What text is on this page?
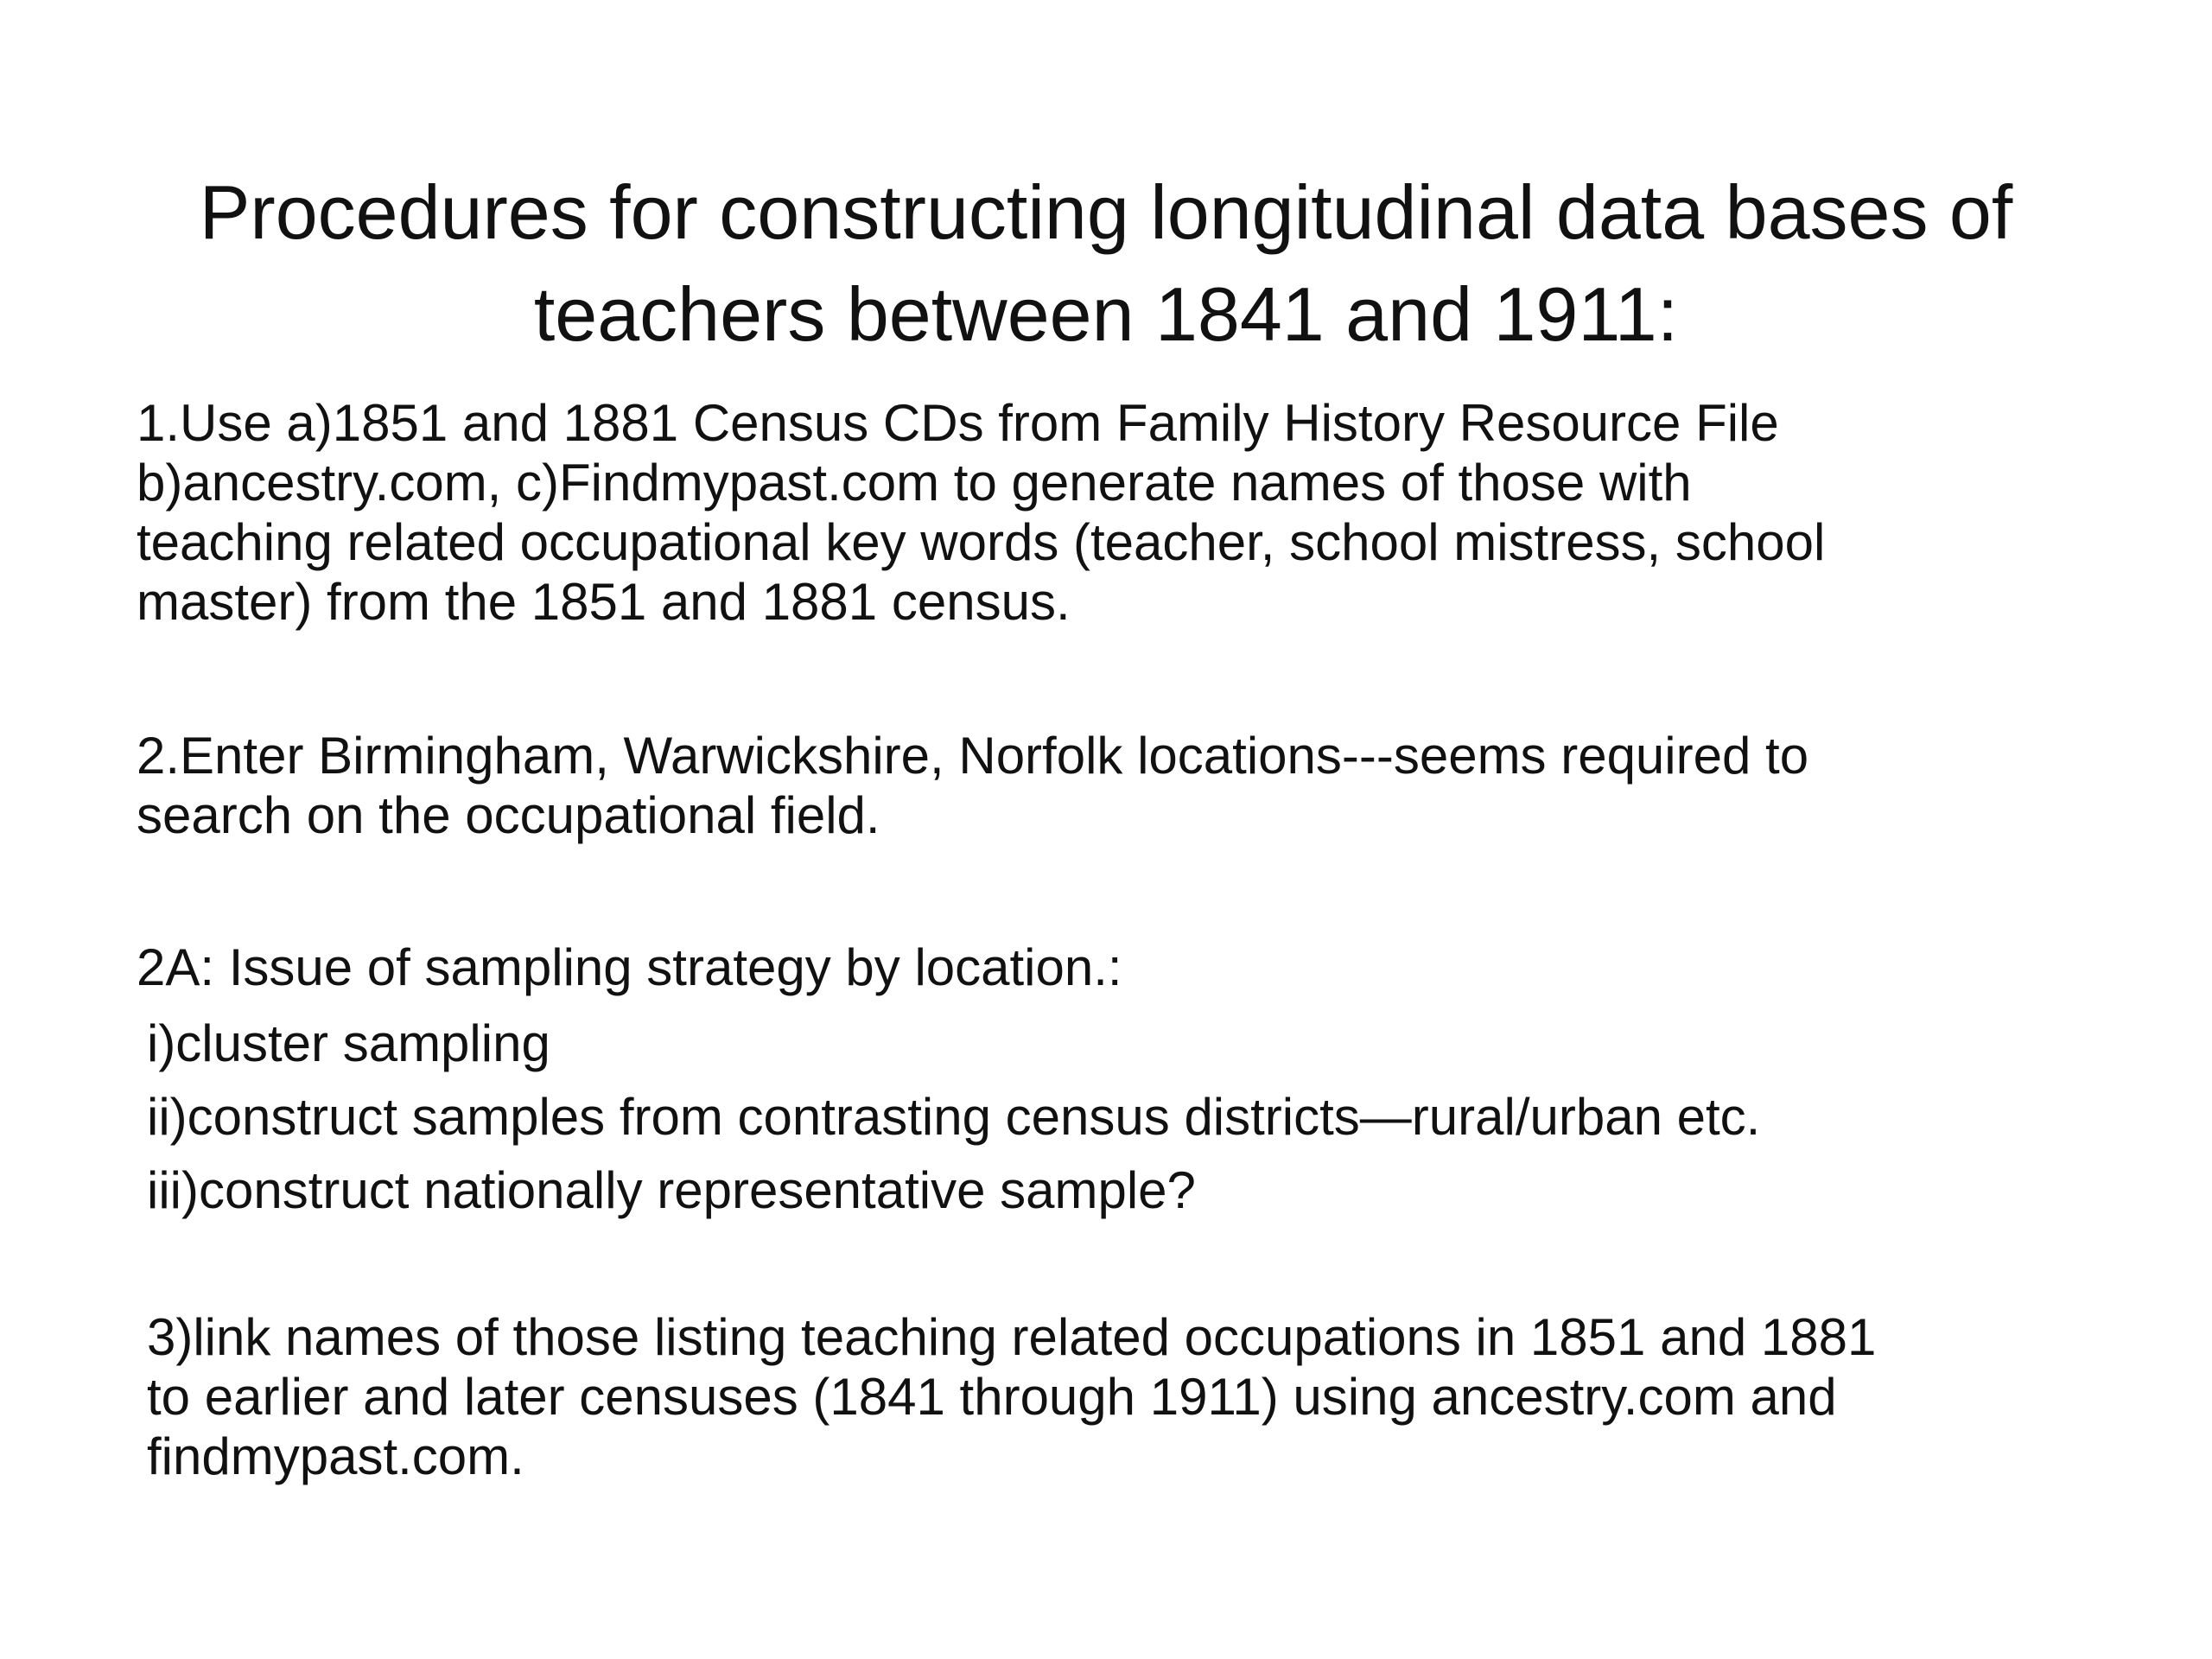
Procedures for constructing longitudinal data bases of
teachers between 1841 and 1911:

1.Use a)1851 and 1881 Census CDs from Family History Resource File
b)ancestry.com, c)Findmypast.com to generate names of those with
teaching related occupational key words (teacher, school mistress, school
master) from the 1851 and 1881 census.

2.Enter Birmingham, Warwickshire, Norfolk locations---seems required to
search on the occupational field.

2A: Issue of sampling strategy by location.:

i)cluster sampling
ii)construct samples from contrasting census districts—rural/urban etc.
iii)construct nationally representative sample?

3)link names of those listing teaching related occupations in 1851 and 1881
to earlier and later censuses (1841 through 1911) using ancestry.com and
findmypast.com.
